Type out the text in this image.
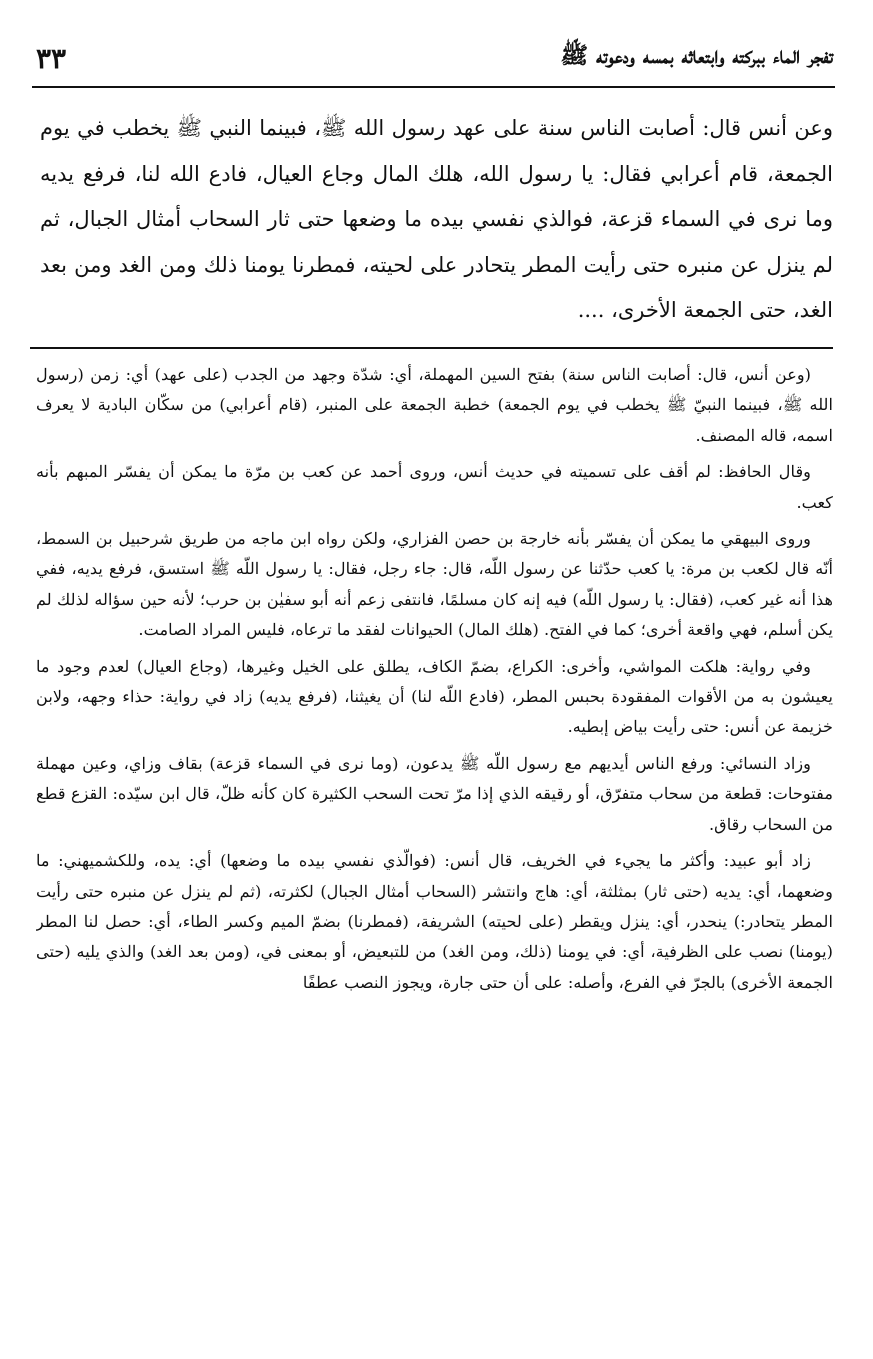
تفجر الماء ببركته وابتعاثه بمسه ودعوته ﷺ
٣٣
وعن أنس قال: أصابت الناس سنة على عهد رسول الله ﷺ، فبينما النبي ﷺ يخطب في يوم الجمعة، قام أعرابي فقال: يا رسول الله، هلك المال وجاع العيال، فادع الله لنا، فرفع يديه وما نرى في السماء قزعة، فوالذي نفسي بيده ما وضعها حتى ثار السحاب أمثال الجبال، ثم لم ينزل عن منبره حتى رأيت المطر يتحادر على لحيته، فمطرنا يومنا ذلك ومن الغد ومن بعد الغد، حتى الجمعة الأخرى، ....

(وعن أنس، قال: أصابت الناس سنة) بفتح السين المهملة، أي: شدّة وجهد من الجدب (على عهد) أي: زمن (رسول الله ﷺ، فبينما النبيّ ﷺ يخطب في يوم الجمعة) خطبة الجمعة على المنبر، (قام أعرابي) من سكّان البادية لا يعرف اسمه، قاله المصنف.

وقال الحافظ: لم أقف على تسميته في حديث أنس، وروى أحمد عن كعب بن مرّة ما يمكن أن يفسّر المبهم بأنه كعب.

وروى البيهقي ما يمكن أن يفسّر بأنه خارجة بن حصن الفزاري، ولكن رواه ابن ماجه من طريق شرحبيل بن السمط، أنّه قال لكعب بن مرة: يا كعب حدّثنا عن رسول اللّه، قال: جاء رجل، فقال: يا رسول اللّه ﷺ استسق، فرفع يديه، ففي هذا أنه غير كعب، (فقال: يا رسول اللّه) فيه إنه كان مسلمًا، فانتفى زعم أنه أبو سفيٰن بن حرب؛ لأنه حين سؤاله لذلك لم يكن أسلم، فهي واقعة أخرى؛ كما في الفتح. (هلك المال) الحيوانات لفقد ما ترعاه، فليس المراد الصامت.

وفي رواية: هلكت المواشي، وأخرى: الكراع، بضمّ الكاف، يطلق على الخيل وغيرها، (وجاع العيال) لعدم وجود ما يعيشون به من الأقوات المفقودة بحبس المطر، (فادع اللّه لنا) أن يغيثنا، (فرفع يديه) زاد في رواية: حذاء وجهه، ولابن خزيمة عن أنس: حتى رأيت بياض إبطيه.

وزاد النسائي: ورفع الناس أيديهم مع رسول اللّه ﷺ يدعون، (وما نرى في السماء قزعة) بقاف وزاي، وعين مهملة مفتوحات: قطعة من سحاب متفرّق، أو رقيقه الذي إذا مرّ تحت السحب الكثيرة كان كأنه ظلّ، قال ابن سيّده: القزع قطع من السحاب رقاق.

زاد أبو عبيد: وأكثر ما يجيء في الخريف، قال أنس: (فوالّذي نفسي بيده ما وضعها) أي: يده، وللكشميهني: ما وضعهما، أي: يديه (حتى ثار) بمثلثة، أي: هاج وانتشر (السحاب أمثال الجبال) لكثرته، (ثم لم ينزل عن منبره حتى رأيت المطر يتحادر:) ينحدر، أي: ينزل ويقطر (على لحيته) الشريفة، (فمطرنا) بضمّ الميم وكسر الطاء، أي: حصل لنا المطر (يومنا) نصب على الظرفية، أي: في يومنا (ذلك، ومن الغد) من للتبعيض، أو بمعنى في، (ومن بعد الغد) والذي يليه (حتى الجمعة الأخرى) بالجرّ في الفرع، وأصله: على أن حتى جارة، ويجوز النصب عطفًا
